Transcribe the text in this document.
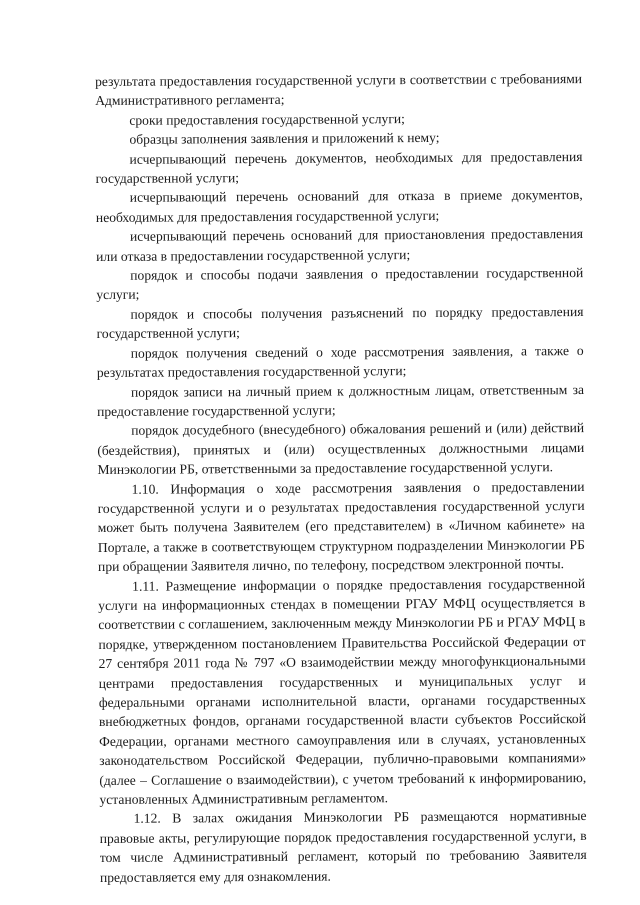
результата предоставления государственной услуги в соответствии с требованиями Административного регламента;

сроки предоставления государственной услуги;

образцы заполнения заявления и приложений к нему;

исчерпывающий перечень документов, необходимых для предоставления государственной услуги;

исчерпывающий перечень оснований для отказа в приеме документов, необходимых для предоставления государственной услуги;

исчерпывающий перечень оснований для приостановления предоставления или отказа в предоставлении государственной услуги;

порядок и способы подачи заявления о предоставлении государственной услуги;

порядок и способы получения разъяснений по порядку предоставления государственной услуги;

порядок получения сведений о ходе рассмотрения заявления, а также о результатах предоставления государственной услуги;

порядок записи на личный прием к должностным лицам, ответственным за предоставление государственной услуги;

порядок досудебного (внесудебного) обжалования решений и (или) действий (бездействия), принятых и (или) осуществленных должностными лицами Минэкологии РБ, ответственными за предоставление государственной услуги.

1.10. Информация о ходе рассмотрения заявления о предоставлении государственной услуги и о результатах предоставления государственной услуги может быть получена Заявителем (его представителем) в «Личном кабинете» на Портале, а также в соответствующем структурном подразделении Минэкологии РБ при обращении Заявителя лично, по телефону, посредством электронной почты.

1.11. Размещение информации о порядке предоставления государственной услуги на информационных стендах в помещении РГАУ МФЦ осуществляется в соответствии с соглашением, заключенным между Минэкологии РБ и РГАУ МФЦ в порядке, утвержденном постановлением Правительства Российской Федерации от 27 сентября 2011 года № 797 «О взаимодействии между многофункциональными центрами предоставления государственных и муниципальных услуг и федеральными органами исполнительной власти, органами государственных внебюджетных фондов, органами государственной власти субъектов Российской Федерации, органами местного самоуправления или в случаях, установленных законодательством Российской Федерации, публично-правовыми компаниями» (далее – Соглашение о взаимодействии), с учетом требований к информированию, установленных Административным регламентом.

1.12. В залах ожидания Минэкологии РБ размещаются нормативные правовые акты, регулирующие порядок предоставления государственной услуги, в том числе Административный регламент, который по требованию Заявителя предоставляется ему для ознакомления.
